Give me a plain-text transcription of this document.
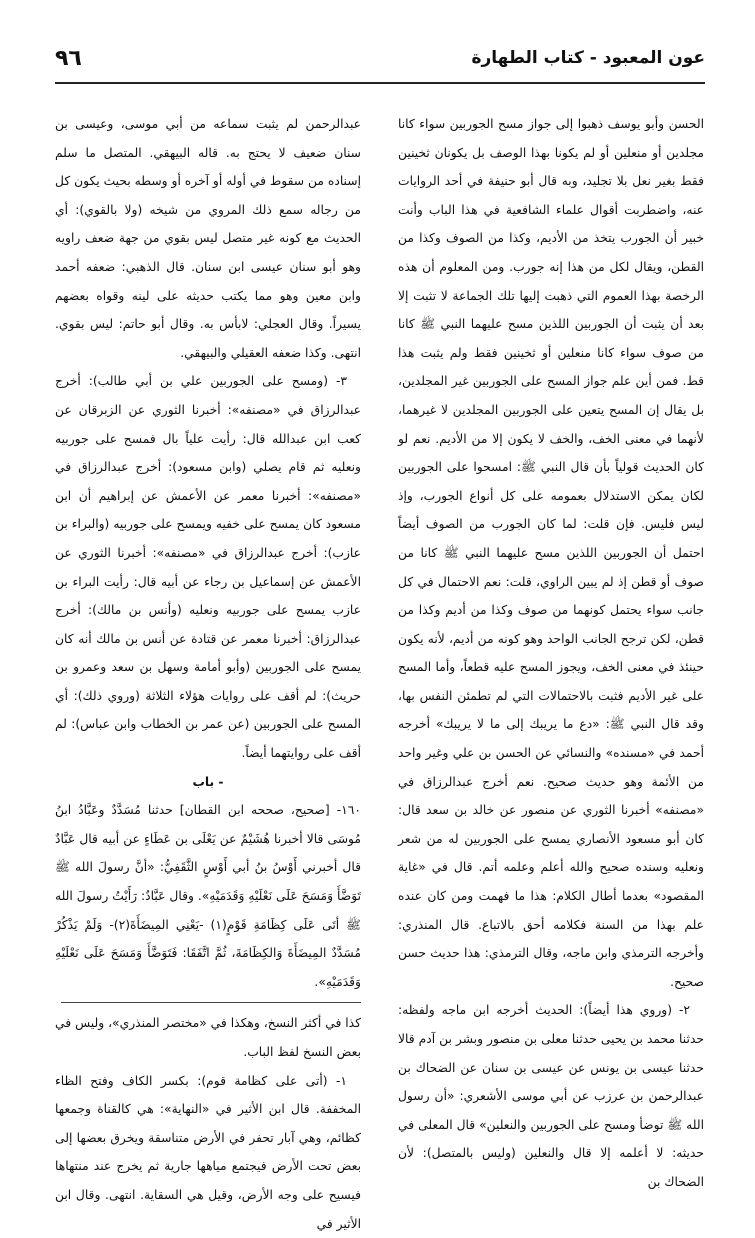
٩٦	عون المعبود - كتاب الطهارة

الحسن وأبو يوسف ذهبوا إلى جواز مسح الجوربين سواء كانا مجلدين أو منعلين أو لم يكونا بهذا الوصف بل يكونان ثخينين فقط بغير نعل بلا تجليد، وبه قال أبو حنيفة في أحد الروايات عنه، واضطربت أقوال علماء الشافعية في هذا الباب وأنت خبير أن الجورب يتخذ من الأديم، وكذا من الصوف وكذا من القطن، ويقال لكل من هذا إنه جورب. ومن المعلوم أن هذه الرخصة بهذا العموم التي ذهبت إليها تلك الجماعة لا تثبت إلا بعد أن يثبت أن الجوربين اللذين مسح عليهما النبي ﷺ كانا من صوف سواء كانا منعلين أو ثخينين فقط ولم يثبت هذا قط. فمن أين علم جواز المسح على الجوربين غير المجلدين، بل يقال إن المسح يتعين على الجوربين المجلدين لا غيرهما، لأنهما في معنى الخف، والخف لا يكون إلا من الأديم. نعم لو كان الحديث قولياً بأن قال النبي ﷺ: امسحوا على الجوربين لكان يمكن الاستدلال بعمومه على كل أنواع الجورب، وإذ ليس فليس. فإن قلت: لما كان الجورب من الصوف أيضاً احتمل أن الجوربين اللذين مسح عليهما النبي ﷺ كانا من صوف أو قطن إذ لم يبين الراوي، قلت: نعم الاحتمال في كل جانب سواء يحتمل كونهما من صوف وكذا من أديم وكذا من قطن، لكن ترجح الجانب الواحد وهو كونه من أديم، لأنه يكون حينئذ في معنى الخف، ويجوز المسح عليه قطعاً، وأما المسح على غير الأديم فثبت بالاحتمالات التي لم تطمئن النفس بها، وقد قال النبي ﷺ: «دع ما يريبك إلى ما لا يريبك» أخرجه أحمد في «مسنده» والنسائي عن الحسن بن علي وغير واحد من الأئمة وهو حديث صحيح. نعم أخرج عبدالرزاق في «مصنفه» أخبرنا الثوري عن منصور عن خالد بن سعد قال: كان أبو مسعود الأنصاري يمسح على الجوربين له من شعر ونعليه وسنده صحيح والله أعلم وعلمه أتم. قال في «غاية المقصود» بعدما أطال الكلام: هذا ما فهمت ومن كان عنده علم بهذا من السنة فكلامه أحق بالاتباع. قال المنذري: وأخرجه الترمذي وابن ماجه، وقال الترمذي: هذا حديث حسن صحيح.

٢- (وروي هذا أيضاً): الحديث أخرجه ابن ماجه ولفظه: حدثنا محمد بن يحيى حدثنا معلى بن منصور وبشر بن آدم قالا حدثنا عيسى بن يونس عن عيسى بن سنان عن الضحاك بن عبدالرحمن بن عرزب عن أبي موسى الأشعري: «أن رسول الله ﷺ توضأ ومسح على الجوربين والنعلين» قال المعلى في حديثه: لا أعلمه إلا قال والنعلين (وليس بالمتصل): لأن الضحاك بن

عبدالرحمن لم يثبت سماعه من أبي موسى، وعيسى بن سنان ضعيف لا يحتج به. قاله البيهقي. المتصل ما سلم إسناده من سقوط في أوله أو آخره أو وسطه بحيث يكون كل من رجاله سمع ذلك المروي من شيخه (ولا بالقوي): أي الحديث مع كونه غير متصل ليس بقوي من جهة ضعف راويه وهو أبو سنان عيسى ابن سنان. قال الذهبي: ضعفه أحمد وابن معين وهو مما يكتب حديثه على لينه وقواه بعضهم يسيراً. وقال العجلي: لابأس به. وقال أبو حاتم: ليس بقوي. انتهى. وكذا ضعفه العقيلي والبيهقي.

٣- (ومسح على الجوربين علي بن أبي طالب): أخرج عبدالرزاق في «مصنفه»: أخبرنا الثوري عن الزبرقان عن كعب ابن عبدالله قال: رأيت علياً بال فمسح على جوربيه ونعليه ثم قام يصلي (وابن مسعود): أخرج عبدالرزاق في «مصنفه»: أخبرنا معمر عن الأعمش عن إبراهيم أن ابن مسعود كان يمسح على خفيه ويمسح على جوربيه (والبراء بن عازب): أخرج عبدالرزاق في «مصنفه»: أخبرنا الثوري عن الأعمش عن إسماعيل بن رجاء عن أبيه قال: رأيت البراء بن عازب يمسح على جوربيه ونعليه (وأنس بن مالك): أخرج عبدالرزاق: أخبرنا معمر عن قتادة عن أنس بن مالك أنه كان يمسح على الجوربين (وأبو أمامة وسهل بن سعد وعمرو بن حريث): لم أقف على روايات هؤلاء الثلاثة (وروي ذلك): أي المسح على الجوربين (عن عمر بن الخطاب وابن عباس): لم أقف على روايتهما أيضاً.

- باب

١٦٠- [صحيح، صححه ابن القطان] حدثنا مُسَدَّدٌ وعَبَّادُ ابنُ مُوسَى قالا أخبرنا هُشَيْمٌ عن يَعْلَى بن عَطَاءٍ عن أبيه قال عَبَّادٌ قال أخبرني أَوْسُ بنُ أبي أَوْسٍ الثَّقَفِيُّ: «أنَّ رسولَ الله ﷺ تَوَضَّأَ وَمَسَحَ عَلَى نَعْلَيْهِ وَقَدَمَيْهِ». وقال عَبَّادٌ: رَأَيْتُ رسولَ الله ﷺ أتَى عَلَى كِظَامَةِ قَوْمٍ(١) -يَعْنِي المِيضَأَةَ(٢)- وَلَمْ يَذْكُرْ مُسَدَّدٌ المِيضَأَةَ وَالكِظَامَةَ، ثُمَّ اتَّفَقَا: فَتَوَضَّأَ وَمَسَحَ عَلَى نَعْلَيْهِ وَقَدَمَيْهِ».

كذا في أكثر النسخ، وهكذا في «مختصر المنذري»، وليس في بعض النسخ لفظ الباب.

١- (أتى على كظامة قوم): بكسر الكاف وفتح الظاء المخففة. قال ابن الأثير في «النهاية»: هي كالقناة وجمعها كظائم، وهي آبار تحفر في الأرض متناسقة ويخرق بعضها إلى بعض تحت الأرض فيجتمع مياهها جارية ثم يخرج عند منتهاها فيسيح على وجه الأرض، وقيل هي السقاية. انتهى. وقال ابن الأثير في
